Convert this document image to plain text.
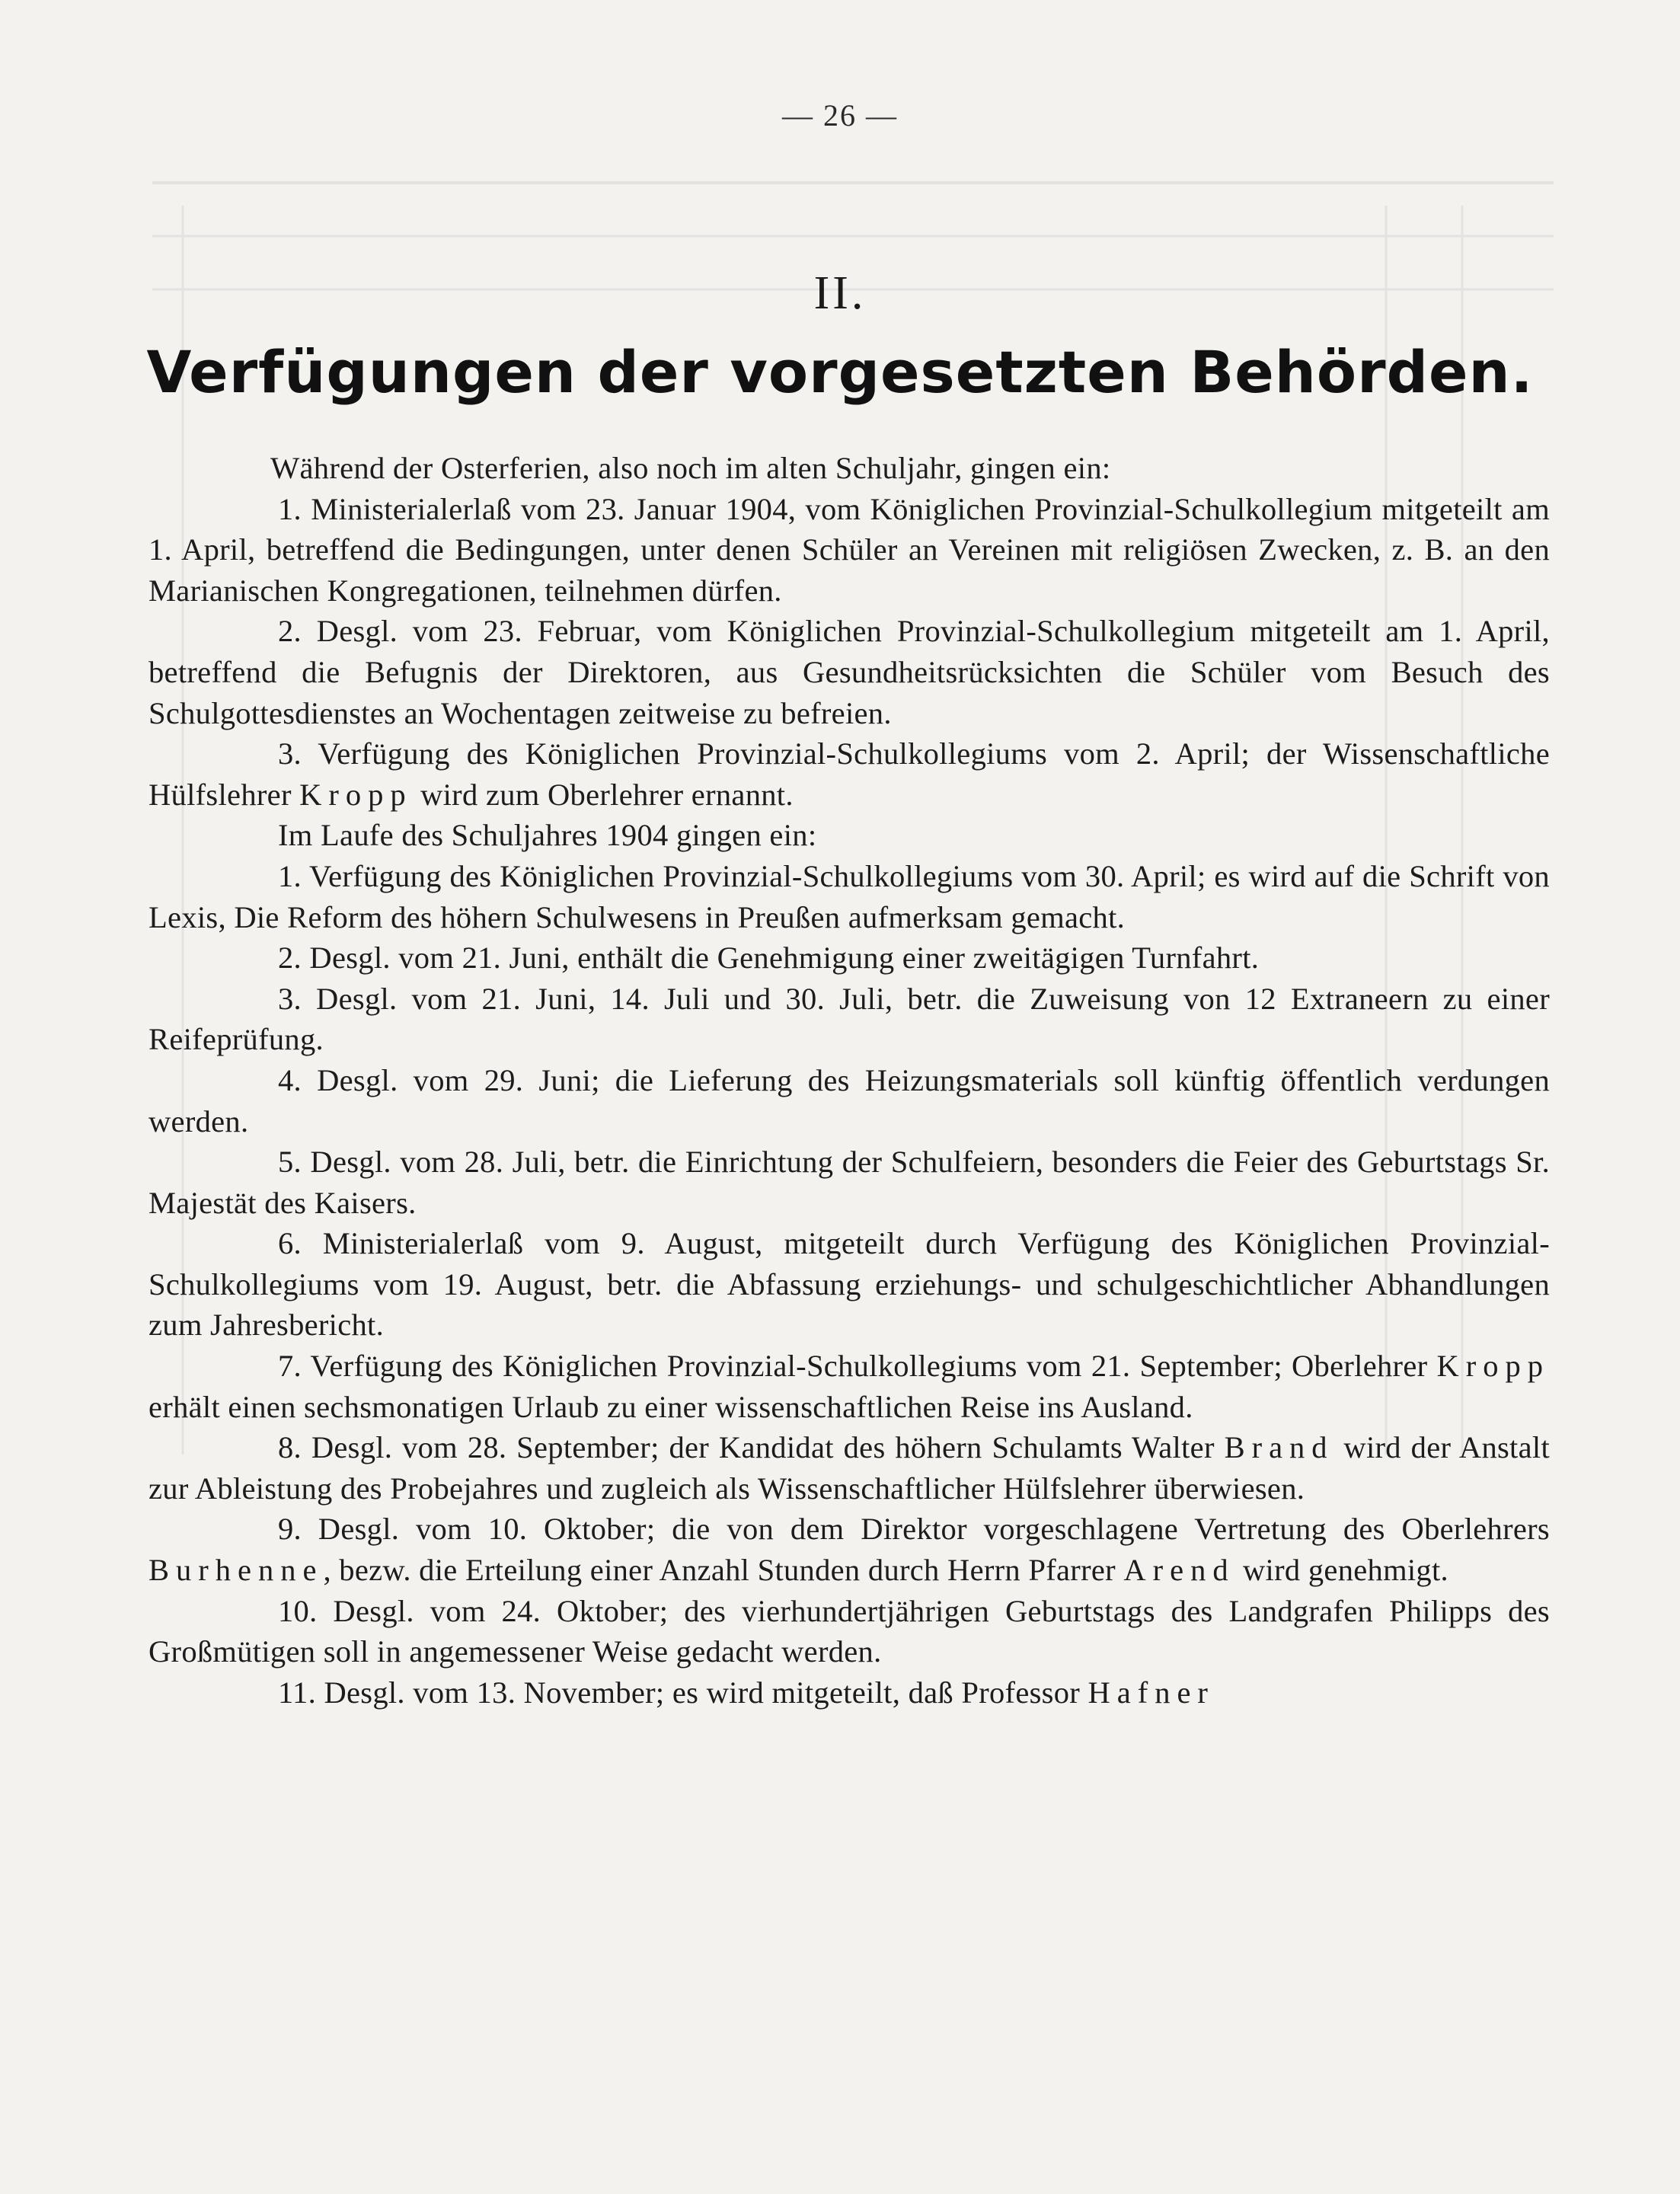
— 26 —
II.
Verfügungen der vorgesetzten Behörden.

Während der Osterferien, also noch im alten Schuljahr, gingen ein:

1. Ministerialerlaß vom 23. Januar 1904, vom Königlichen Provinzial-Schulkollegium mitgeteilt am 1. April, betreffend die Bedingungen, unter denen Schüler an Vereinen mit religiösen Zwecken, z. B. an den Marianischen Kongregationen, teilnehmen dürfen.

2. Desgl. vom 23. Februar, vom Königlichen Provinzial-Schulkollegium mitgeteilt am 1. April, betreffend die Befugnis der Direktoren, aus Gesundheitsrücksichten die Schüler vom Besuch des Schulgottesdienstes an Wochentagen zeitweise zu befreien.

3. Verfügung des Königlichen Provinzial-Schulkollegiums vom 2. April; der Wissenschaftliche Hülfslehrer Kropp wird zum Oberlehrer ernannt.

Im Laufe des Schuljahres 1904 gingen ein:

1. Verfügung des Königlichen Provinzial-Schulkollegiums vom 30. April; es wird auf die Schrift von Lexis, Die Reform des höhern Schulwesens in Preußen aufmerksam gemacht.

2. Desgl. vom 21. Juni, enthält die Genehmigung einer zweitägigen Turnfahrt.

3. Desgl. vom 21. Juni, 14. Juli und 30. Juli, betr. die Zuweisung von 12 Extraneern zu einer Reifeprüfung.

4. Desgl. vom 29. Juni; die Lieferung des Heizungsmaterials soll künftig öffentlich verdungen werden.

5. Desgl. vom 28. Juli, betr. die Einrichtung der Schulfeiern, besonders die Feier des Geburtstags Sr. Majestät des Kaisers.

6. Ministerialerlaß vom 9. August, mitgeteilt durch Verfügung des Königlichen Provinzial-Schulkollegiums vom 19. August, betr. die Abfassung erziehungs- und schulgeschichtlicher Abhandlungen zum Jahresbericht.

7. Verfügung des Königlichen Provinzial-Schulkollegiums vom 21. September; Oberlehrer Kropp erhält einen sechsmonatigen Urlaub zu einer wissenschaftlichen Reise ins Ausland.

8. Desgl. vom 28. September; der Kandidat des höhern Schulamts Walter Brand wird der Anstalt zur Ableistung des Probejahres und zugleich als Wissenschaftlicher Hülfslehrer überwiesen.

9. Desgl. vom 10. Oktober; die von dem Direktor vorgeschlagene Vertretung des Oberlehrers Burhenne, bezw. die Erteilung einer Anzahl Stunden durch Herrn Pfarrer Arend wird genehmigt.

10. Desgl. vom 24. Oktober; des vierhundertjährigen Geburtstags des Landgrafen Philipps des Großmütigen soll in angemessener Weise gedacht werden.

11. Desgl. vom 13. November; es wird mitgeteilt, daß Professor Hafner
